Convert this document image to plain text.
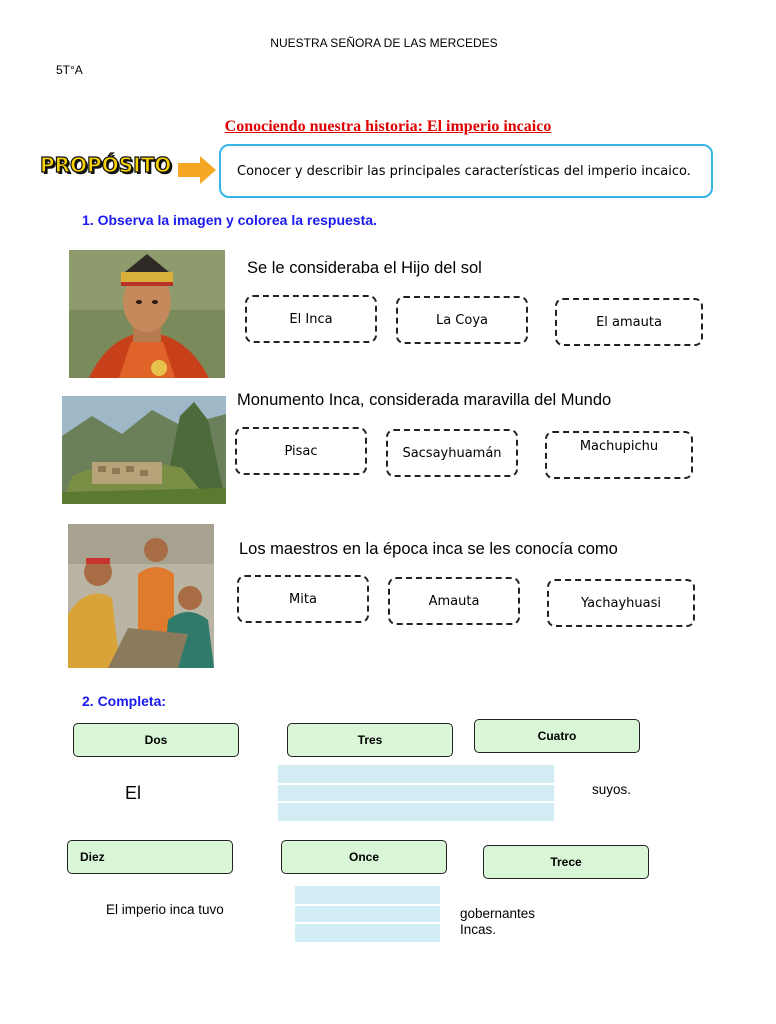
NUESTRA SEÑORA DE LAS MERCEDES
5T°A
Conociendo nuestra historia: El imperio incaico
PROPÓSITO	Conocer y describir las principales características del imperio incaico.
1. Observa la imagen y colorea la respuesta.
Se le consideraba el Hijo del sol
El Inca	La Coya	El amauta
Monumento Inca, considerada maravilla del Mundo
Pisac	Sacsayhuamán	Machupichu
Los maestros en la época inca se les conocía como
Mita	Amauta	Yachayhuasi
2. Completa:
Dos	Tres	Cuatro
El	suyos.
Diez	Once	Trece
El imperio inca tuvo	gobernantes Incas.
